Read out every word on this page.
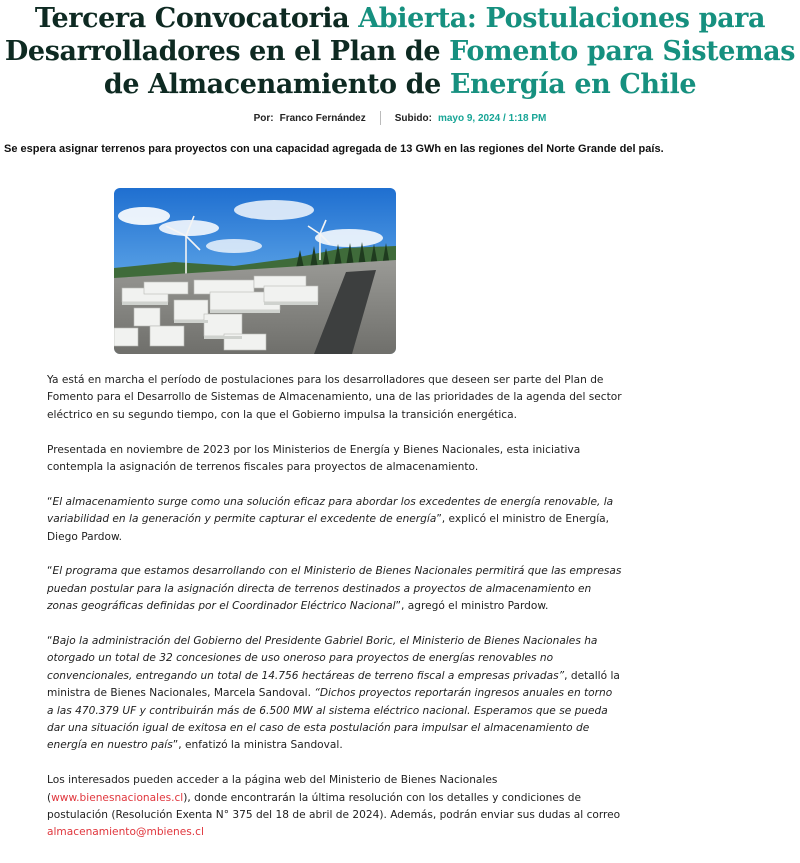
Tercera Convocatoria Abierta: Postulaciones para
Desarrolladores en el Plan de Fomento para Sistemas
de Almacenamiento de Energía en Chile
Por: Franco Fernández	Subido: mayo 9, 2024 / 1:18 PM

Se espera asignar terrenos para proyectos con una capacidad agregada de 13 GWh en las regiones del Norte Grande del país.

Ya está en marcha el período de postulaciones para los desarrolladores que deseen ser parte del Plan de Fomento para el Desarrollo de Sistemas de Almacenamiento, una de las prioridades de la agenda del sector eléctrico en su segundo tiempo, con la que el Gobierno impulsa la transición energética.

Presentada en noviembre de 2023 por los Ministerios de Energía y Bienes Nacionales, esta iniciativa contempla la asignación de terrenos fiscales para proyectos de almacenamiento.

“El almacenamiento surge como una solución eficaz para abordar los excedentes de energía renovable, la variabilidad en la generación y permite capturar el excedente de energía”, explicó el ministro de Energía, Diego Pardow.

“El programa que estamos desarrollando con el Ministerio de Bienes Nacionales permitirá que las empresas puedan postular para la asignación directa de terrenos destinados a proyectos de almacenamiento en zonas geográficas definidas por el Coordinador Eléctrico Nacional”, agregó el ministro Pardow.

“Bajo la administración del Gobierno del Presidente Gabriel Boric, el Ministerio de Bienes Nacionales ha otorgado un total de 32 concesiones de uso oneroso para proyectos de energías renovables no convencionales, entregando un total de 14.756 hectáreas de terreno fiscal a empresas privadas”, detalló la ministra de Bienes Nacionales, Marcela Sandoval. “Dichos proyectos reportarán ingresos anuales en torno a las 470.379 UF y contribuirán más de 6.500 MW al sistema eléctrico nacional. Esperamos que se pueda dar una situación igual de exitosa en el caso de esta postulación para impulsar el almacenamiento de energía en nuestro país”, enfatizó la ministra Sandoval.

Los interesados pueden acceder a la página web del Ministerio de Bienes Nacionales (www.bienesnacionales.cl), donde encontrarán la última resolución con los detalles y condiciones de postulación (Resolución Exenta N° 375 del 18 de abril de 2024). Además, podrán enviar sus dudas al correo almacenamiento@mbienes.cl
